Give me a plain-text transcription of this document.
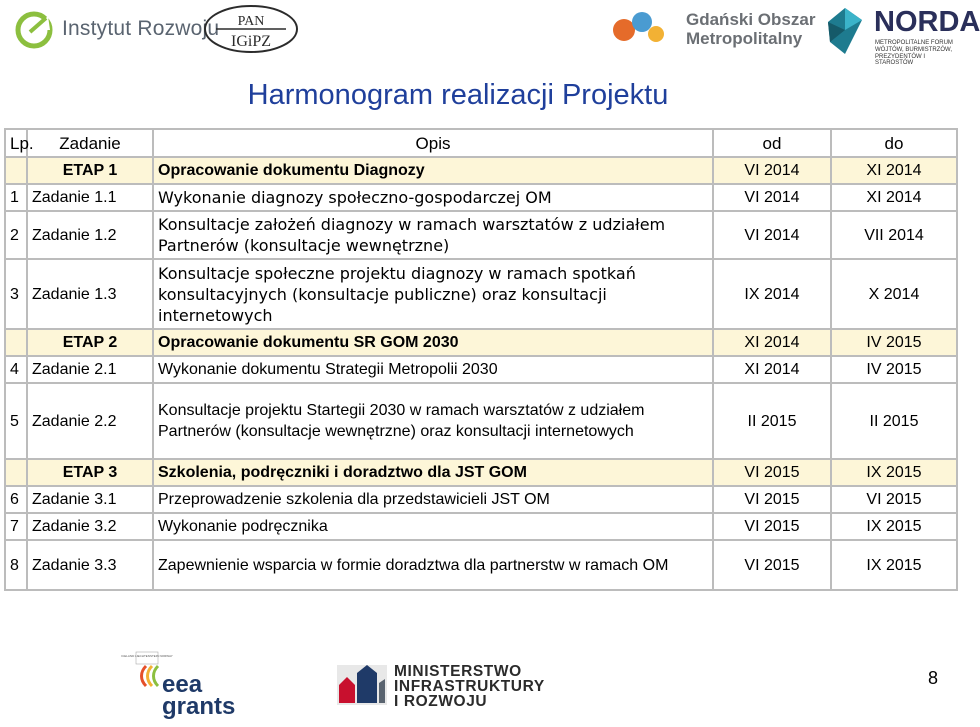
Instytut Rozwoju PAN
IGiPZ
Gdański Obszar
Metropolitalny
NORDA
METROPOLITALNE FORUM
WÓJTÓW, BURMISTRZÓW,
PREZYDENTÓW I STAROSTÓW
Harmonogram realizacji Projektu
Lp.	Zadanie	Opis	od	do
	ETAP 1	Opracowanie dokumentu Diagnozy	VI 2014	XI 2014
1	Zadanie 1.1	Wykonanie diagnozy społeczno-gospodarczej OM	VI 2014	XI 2014
2	Zadanie 1.2	Konsultacje założeń diagnozy w ramach warsztatów z udziałem Partnerów (konsultacje wewnętrzne)	VI 2014	VII 2014
3	Zadanie 1.3	Konsultacje społeczne projektu diagnozy w ramach spotkań konsultacyjnych (konsultacje publiczne) oraz konsultacji internetowych	IX 2014	X 2014
	ETAP 2	Opracowanie dokumentu SR GOM 2030	XI 2014	IV 2015
4	Zadanie 2.1	Wykonanie dokumentu Strategii Metropolii 2030	XI 2014	IV 2015
5	Zadanie 2.2	Konsultacje projektu Startegii 2030 w ramach warsztatów z udziałem Partnerów (konsultacje wewnętrzne) oraz konsultacji internetowych	II 2015	II 2015
	ETAP 3	Szkolenia, podręczniki i doradztwo dla JST GOM	VI 2015	IX 2015
6	Zadanie 3.1	Przeprowadzenie szkolenia dla przedstawicieli JST OM	VI 2015	VI 2015
7	Zadanie 3.2	Wykonanie podręcznika	VI 2015	IX 2015
8	Zadanie 3.3	Zapewnienie wsparcia w formie doradztwa dla partnerstw w ramach OM	VI 2015	IX 2015
ICELAND LIECHTENSTEIN NORWAY
eea
grants
MINISTERSTWO
INFRASTRUKTURY
I ROZWOJU
8
